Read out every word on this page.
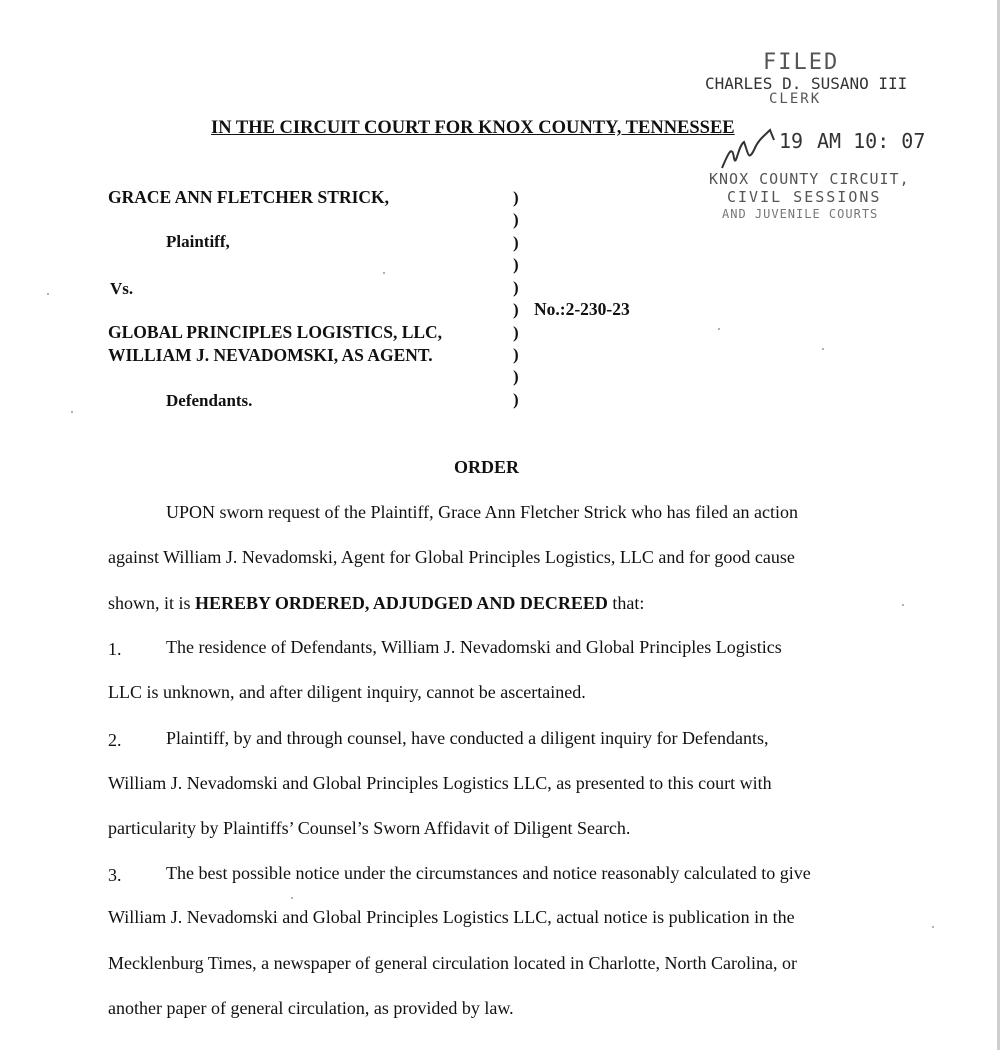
FILED
CHARLES D. SUSANO III
CLERK
19 AM 10: 07
KNOX COUNTY CIRCUIT,
CIVIL SESSIONS
AND JUVENILE COURTS
IN THE CIRCUIT COURT FOR KNOX COUNTY, TENNESSEE
GRACE ANN FLETCHER STRICK,
Plaintiff,
Vs.
GLOBAL PRINCIPLES LOGISTICS, LLC,
WILLIAM J. NEVADOMSKI, AS AGENT.
Defendants.
)
)
)
)
)
)
)
)
)
)
No.:2-230-23
ORDER
UPON sworn request of the Plaintiff, Grace Ann Fletcher Strick who has filed an action
against William J. Nevadomski, Agent for Global Principles Logistics, LLC and for good cause
shown, it is HEREBY ORDERED, ADJUDGED AND DECREED that:
1. The residence of Defendants, William J. Nevadomski and Global Principles Logistics
LLC is unknown, and after diligent inquiry, cannot be ascertained.
2. Plaintiff, by and through counsel, have conducted a diligent inquiry for Defendants,
William J. Nevadomski and Global Principles Logistics LLC, as presented to this court with
particularity by Plaintiffs’ Counsel’s Sworn Affidavit of Diligent Search.
3. The best possible notice under the circumstances and notice reasonably calculated to give
William J. Nevadomski and Global Principles Logistics LLC, actual notice is publication in the
Mecklenburg Times, a newspaper of general circulation located in Charlotte, North Carolina, or
another paper of general circulation, as provided by law.
